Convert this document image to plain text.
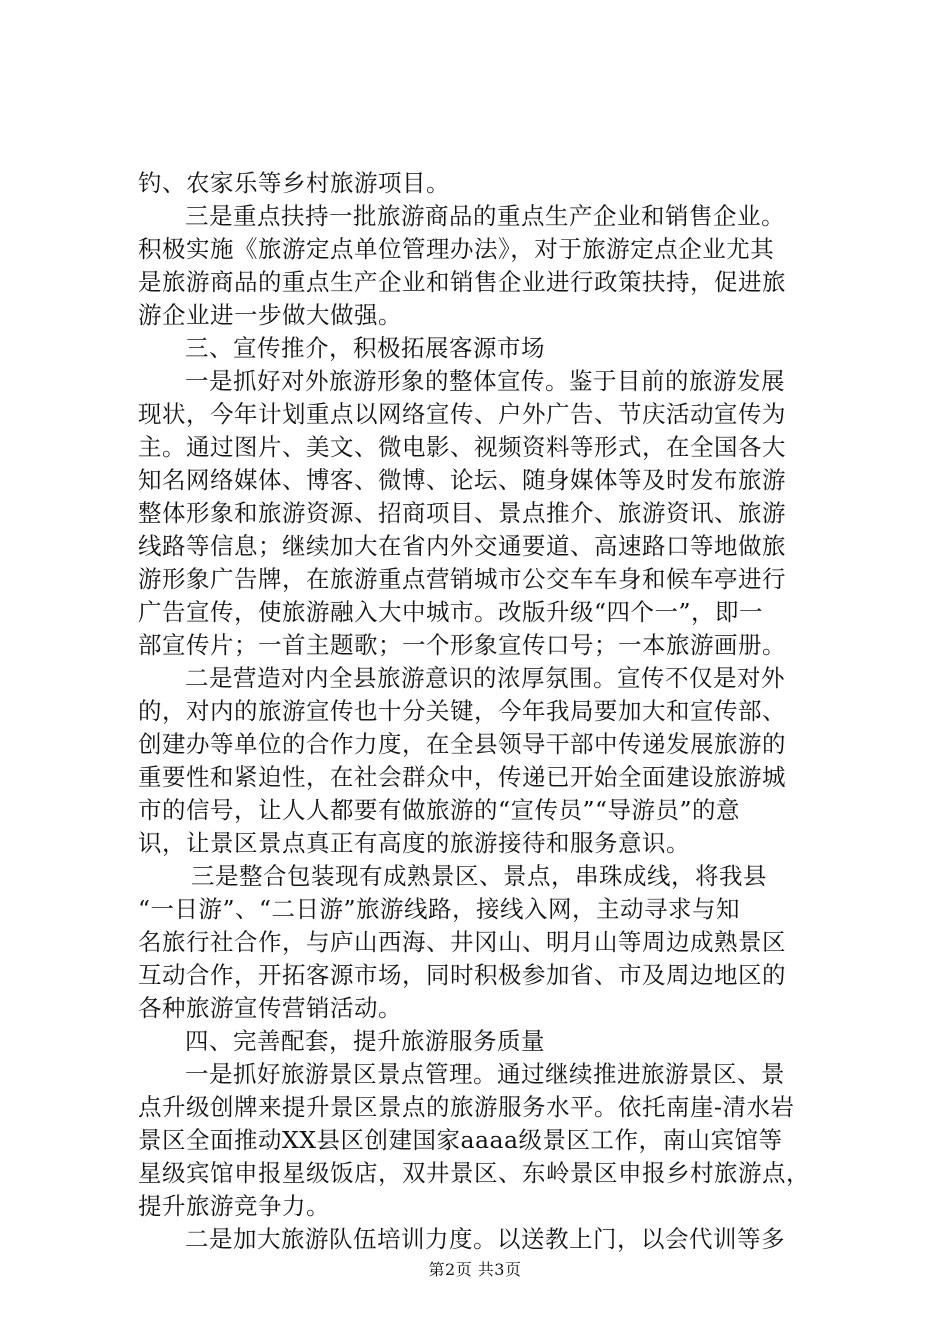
钓、农家乐等乡村旅游项目。
三是重点扶持一批旅游商品的重点生产企业和销售企业。
积极实施《旅游定点单位管理办法》，对于旅游定点企业尤其
是旅游商品的重点生产企业和销售企业进行政策扶持，促进旅
游企业进一步做大做强。
三、宣传推介，积极拓展客源市场
一是抓好对外旅游形象的整体宣传。鉴于目前的旅游发展
现状，今年计划重点以网络宣传、户外广告、节庆活动宣传为
主。通过图片、美文、微电影、视频资料等形式，在全国各大
知名网络媒体、博客、微博、论坛、随身媒体等及时发布旅游
整体形象和旅游资源、招商项目、景点推介、旅游资讯、旅游
线路等信息；继续加大在省内外交通要道、高速路口等地做旅
游形象广告牌，在旅游重点营销城市公交车车身和候车亭进行
广告宣传，使旅游融入大中城市。改版升级“四个一”，即一
部宣传片；一首主题歌；一个形象宣传口号；一本旅游画册。
二是营造对内全县旅游意识的浓厚氛围。宣传不仅是对外
的，对内的旅游宣传也十分关键，今年我局要加大和宣传部、
创建办等单位的合作力度，在全县领导干部中传递发展旅游的
重要性和紧迫性，在社会群众中，传递已开始全面建设旅游城
市的信号，让人人都要有做旅游的“宣传员”“导游员”的意
识，让景区景点真正有高度的旅游接待和服务意识。
三是整合包装现有成熟景区、景点，串珠成线，将我县
“一日游”、“二日游”旅游线路，接线入网，主动寻求与知
名旅行社合作，与庐山西海、井冈山、明月山等周边成熟景区
互动合作，开拓客源市场，同时积极参加省、市及周边地区的
各种旅游宣传营销活动。
四、完善配套，提升旅游服务质量
一是抓好旅游景区景点管理。通过继续推进旅游景区、景
点升级创牌来提升景区景点的旅游服务水平。依托南崖-清水岩
景区全面推动XX县区创建国家aaaa级景区工作，南山宾馆等
星级宾馆申报星级饭店，双井景区、东岭景区申报乡村旅游点，
提升旅游竞争力。
二是加大旅游队伍培训力度。以送教上门，以会代训等多
第2页 共3页
